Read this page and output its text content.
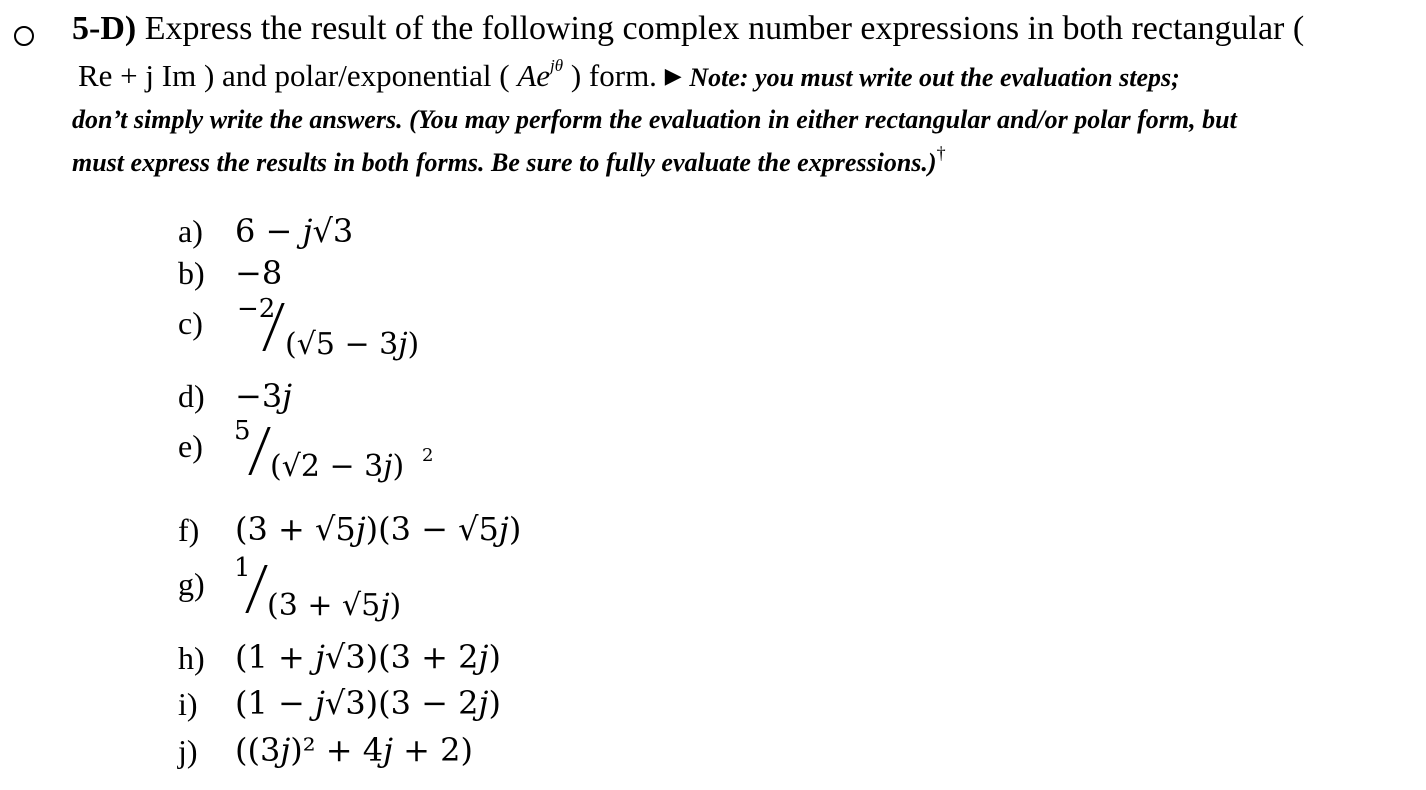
5-D) Express the result of the following complex number expressions in both rectangular (
Re + j Im ) and polar/exponential ( $Ae^{j\theta}$ ) form. ▶ Note: you must write out the evaluation steps;
don’t simply write the answers. (You may perform the evaluation in either rectangular and/or polar form, but
must express the results in both forms. Be sure to fully evaluate the expressions.)†
a) 6 − 𝑗√3
b) −8
c) −2
(√5 − 3𝑗)
d) −3𝑗
e) 5
(√2 − 3𝑗) 2
f) (3 + √5𝑗)(3 − √5𝑗)
g) 1
(3 + √5𝑗)
h) (1 + 𝑗√3)(3 + 2𝑗)
i) (1 − 𝑗√3)(3 − 2𝑗)
j) ((3𝑗)² + 4𝑗 + 2)
